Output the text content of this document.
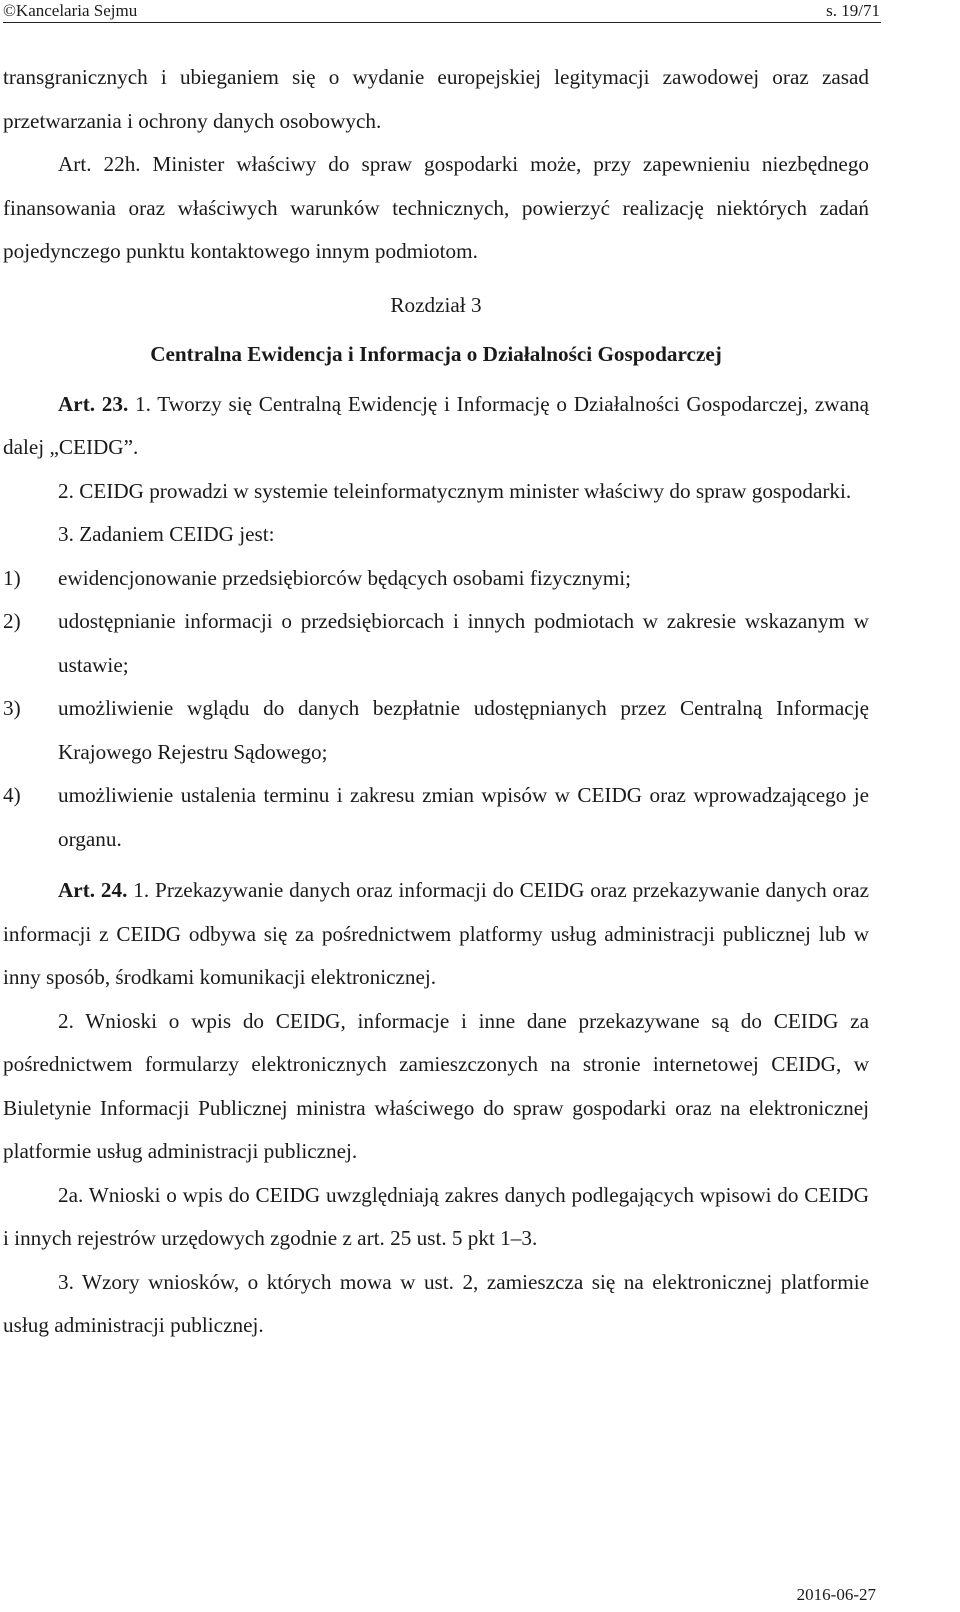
©Kancelaria Sejmu	s. 19/71

transgranicznych i ubieganiem się o wydanie europejskiej legitymacji zawodowej oraz zasad przetwarzania i ochrony danych osobowych.

Art. 22h. Minister właściwy do spraw gospodarki może, przy zapewnieniu niezbędnego finansowania oraz właściwych warunków technicznych, powierzyć realizację niektórych zadań pojedynczego punktu kontaktowego innym podmiotom.

Rozdział 3

Centralna Ewidencja i Informacja o Działalności Gospodarczej

Art. 23. 1. Tworzy się Centralną Ewidencję i Informację o Działalności Gospodarczej, zwaną dalej „CEIDG”.

2. CEIDG prowadzi w systemie teleinformatycznym minister właściwy do spraw gospodarki.

3. Zadaniem CEIDG jest:

1)	ewidencjonowanie przedsiębiorców będących osobami fizycznymi;
2)	udostępnianie informacji o przedsiębiorcach i innych podmiotach w zakresie wskazanym w ustawie;
3)	umożliwienie wglądu do danych bezpłatnie udostępnianych przez Centralną Informację Krajowego Rejestru Sądowego;
4)	umożliwienie ustalenia terminu i zakresu zmian wpisów w CEIDG oraz wprowadzającego je organu.

Art. 24. 1. Przekazywanie danych oraz informacji do CEIDG oraz przekazywanie danych oraz informacji z CEIDG odbywa się za pośrednictwem platformy usług administracji publicznej lub w inny sposób, środkami komunikacji elektronicznej.

2. Wnioski o wpis do CEIDG, informacje i inne dane przekazywane są do CEIDG za pośrednictwem formularzy elektronicznych zamieszczonych na stronie internetowej CEIDG, w Biuletynie Informacji Publicznej ministra właściwego do spraw gospodarki oraz na elektronicznej platformie usług administracji publicznej.

2a. Wnioski o wpis do CEIDG uwzględniają zakres danych podlegających wpisowi do CEIDG i innych rejestrów urzędowych zgodnie z art. 25 ust. 5 pkt 1–3.

3. Wzory wniosków, o których mowa w ust. 2, zamieszcza się na elektronicznej platformie usług administracji publicznej.

2016-06-27
